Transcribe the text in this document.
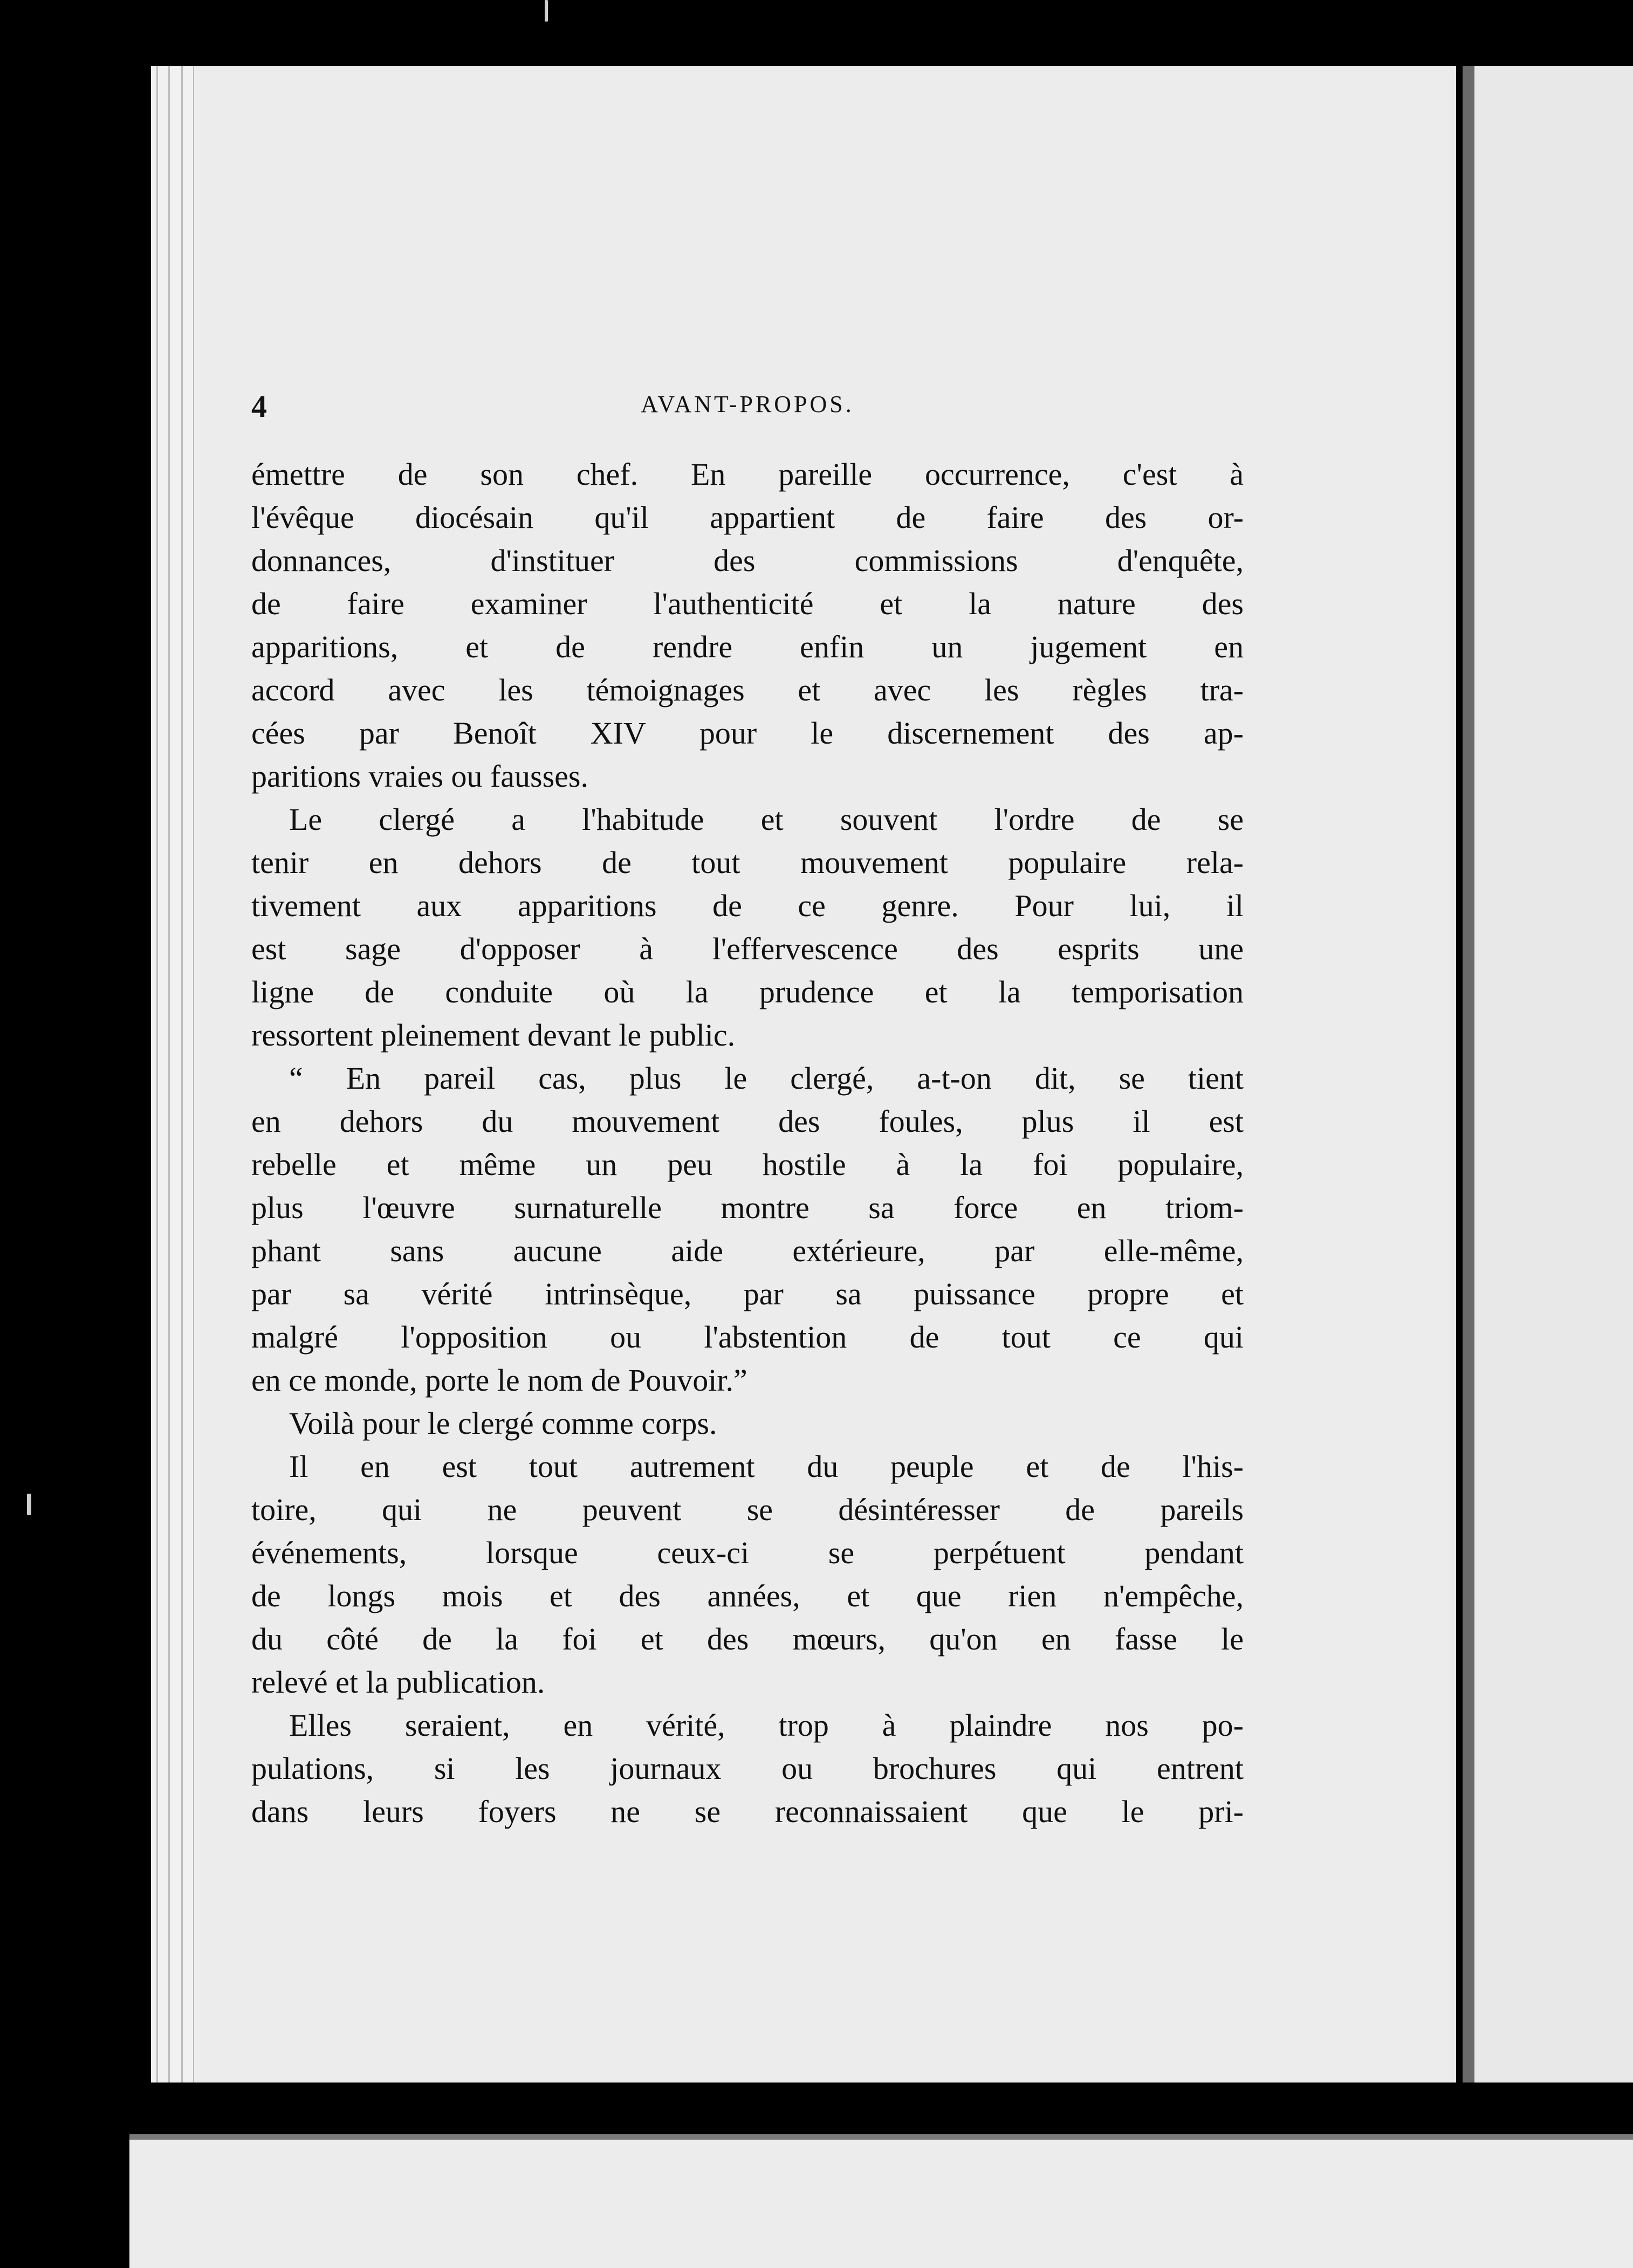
4	AVANT-PROPOS.

émettre de son chef. En pareille occurrence, c'est à
l'évêque diocésain qu'il appartient de faire des or-
donnances, d'instituer des commissions d'enquête,
de faire examiner l'authenticité et la nature des
apparitions, et de rendre enfin un jugement en
accord avec les témoignages et avec les règles tra-
cées par Benoît XIV pour le discernement des ap-
paritions vraies ou fausses.

Le clergé a l'habitude et souvent l'ordre de se
tenir en dehors de tout mouvement populaire rela-
tivement aux apparitions de ce genre. Pour lui, il
est sage d'opposer à l'effervescence des esprits une
ligne de conduite où la prudence et la temporisation
ressortent pleinement devant le public.

“ En pareil cas, plus le clergé, a-t-on dit, se tient
en dehors du mouvement des foules, plus il est
rebelle et même un peu hostile à la foi populaire,
plus l'œuvre surnaturelle montre sa force en triom-
phant sans aucune aide extérieure, par elle-même,
par sa vérité intrinsèque, par sa puissance propre et
malgré l'opposition ou l'abstention de tout ce qui
en ce monde, porte le nom de Pouvoir.”

Voilà pour le clergé comme corps.

Il en est tout autrement du peuple et de l'his-
toire, qui ne peuvent se désintéresser de pareils
événements, lorsque ceux-ci se perpétuent pendant
de longs mois et des années, et que rien n'empêche,
du côté de la foi et des mœurs, qu'on en fasse le
relevé et la publication.

Elles seraient, en vérité, trop à plaindre nos po-
pulations, si les journaux ou brochures qui entrent
dans leurs foyers ne se reconnaissaient que le pri-
